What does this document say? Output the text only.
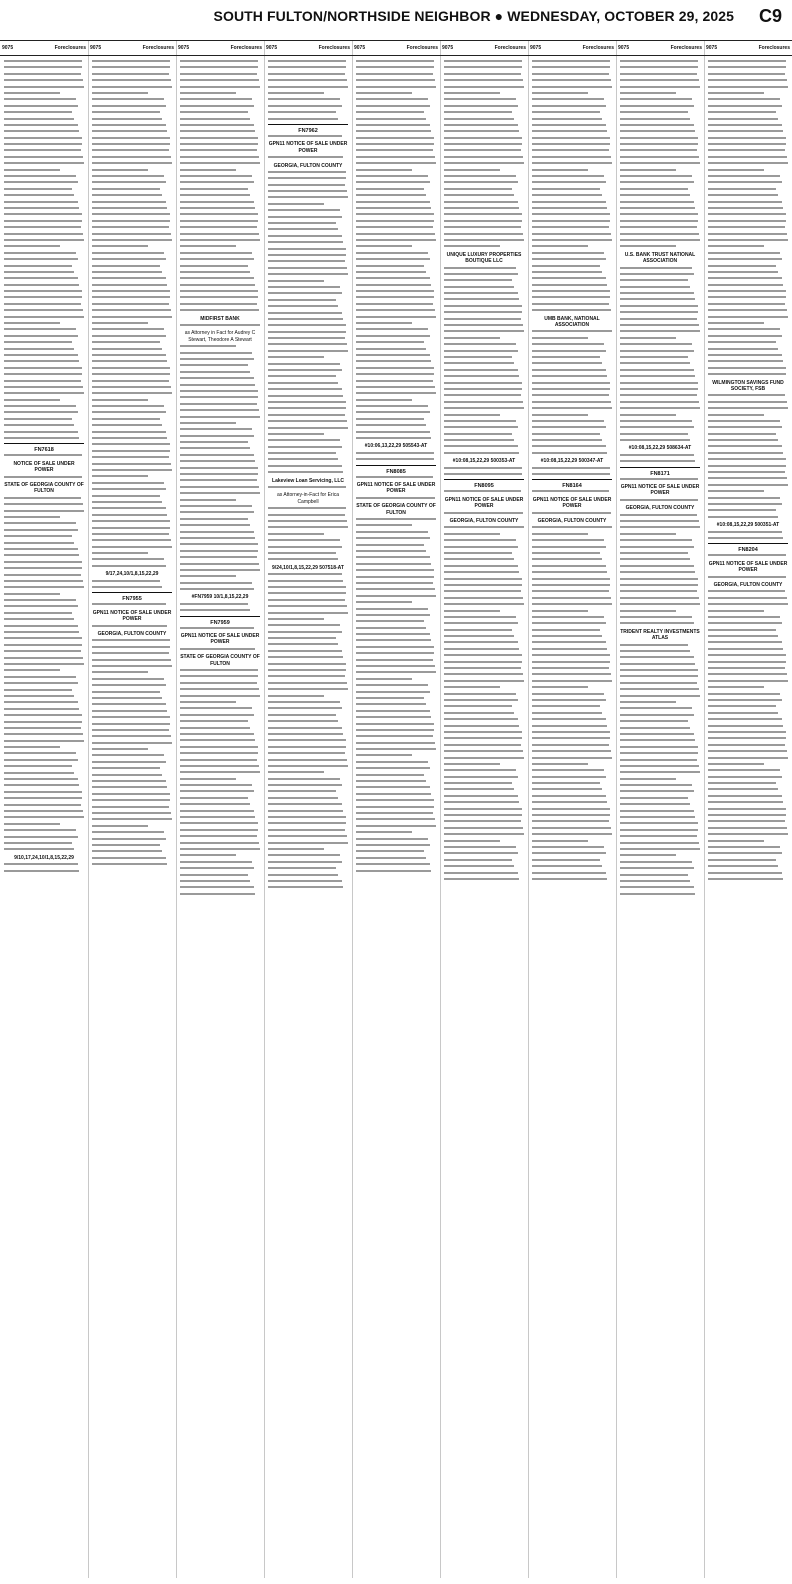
SOUTH FULTON/NORTHSIDE NEIGHBOR ● WEDNESDAY, OCTOBER 29, 2025 C9
9075	Foreclosures
FN7618
NOTICE OF SALE UNDER POWER
STATE OF GEORGIA COUNTY OF FULTON
9/10,17,24,10/1,8,15,22,29
9075	Foreclosures
9/17,24,10/1,8,15,22,29
FN7955
GPN11 NOTICE OF SALE UNDER POWER
GEORGIA, FULTON COUNTY
9075	Foreclosures
MIDFIRST BANK
as Attorney in Fact for Audrey C Stewart, Theodore A Stewart
#FN7959 10/1,8,15,22,29
FN7959
GPN11 NOTICE OF SALE UNDER POWER
STATE OF GEORGIA COUNTY OF FULTON
9075	Foreclosures
FN7962
GPN11 NOTICE OF SALE UNDER POWER
GEORGIA, FULTON COUNTY
Lakeview Loan Servicing, LLC
as Attorney-in-Fact for Erica Campbell
9/24,10/1,8,15,22,29 507518-AT
9075	Foreclosures
#10:06,13,22,29 505543-AT
FN8085
GPN11 NOTICE OF SALE UNDER POWER
STATE OF GEORGIA COUNTY OF FULTON
9075	Foreclosures
UNIQUE LUXURY PROPERTIES BOUTIQUE LLC
#10:08,15,22,29 500353-AT
FN8095
GPN11 NOTICE OF SALE UNDER POWER
GEORGIA, FULTON COUNTY
9075	Foreclosures
UMB BANK, NATIONAL ASSOCIATION
#10:08,15,22,29 500347-AT
FN8164
GPN11 NOTICE OF SALE UNDER POWER
GEORGIA, FULTON COUNTY
9075	Foreclosures
U.S. BANK TRUST NATIONAL ASSOCIATION
#10:08,15,22,29 508634-AT
FN8171
GPN11 NOTICE OF SALE UNDER POWER
GEORGIA, FULTON COUNTY
TRIDENT REALTY INVESTMENTS ATLAS
9075	Foreclosures
WILMINGTON SAVINGS FUND SOCIETY, FSB
#10:08,15,22,29 500351-AT
FN8204
GPN11 NOTICE OF SALE UNDER POWER
GEORGIA, FULTON COUNTY
